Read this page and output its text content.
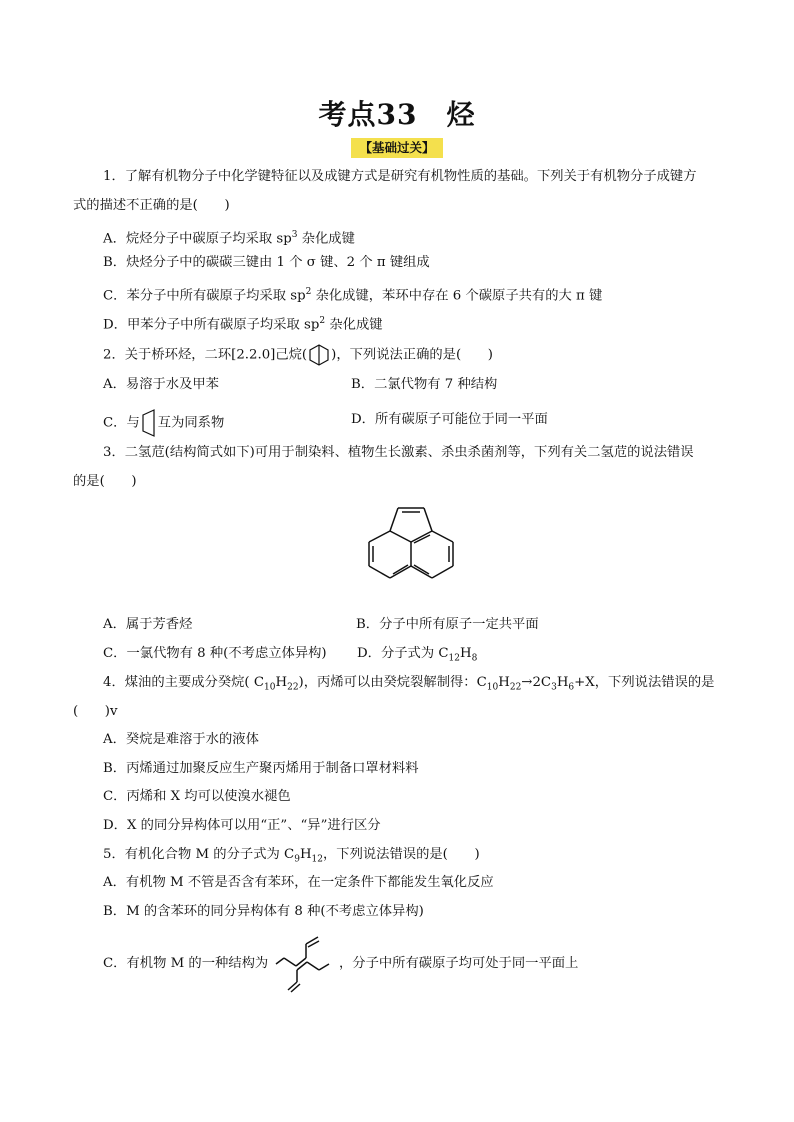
考点33　烃
【基础过关】
1．了解有机物分子中化学键特征以及成键方式是研究有机物性质的基础。下列关于有机物分子成键方
式的描述不正确的是(　　)
A．烷烃分子中碳原子均采取 $sp^3$ 杂化成键
B．炔烃分子中的碳碳三键由 1 个 σ 键、2 个 π 键组成
C．苯分子中所有碳原子均采取 $sp^2$ 杂化成键，苯环中存在 6 个碳原子共有的大 π 键
D．甲苯分子中所有碳原子均采取 $sp^2$ 杂化成键
2．关于桥环烃，二环[2.2.0]己烷( )，下列说法正确的是(　　)
A．易溶于水及甲苯	B．二氯代物有 7 种结构
C．与 互为同系物	D．所有碳原子可能位于同一平面
3．二氢苊(结构简式如下)可用于制染料、植物生长激素、杀虫杀菌剂等，下列有关二氢苊的说法错误
的是(　　)
A．属于芳香烃	B．分子中所有原子一定共平面
C．一氯代物有 8 种(不考虑立体异构) D．分子式为 $C_{12}H_8$
4．煤油的主要成分癸烷( $C_{10}H_{22}$)，丙烯可以由癸烷裂解制得：$C_{10}H_{22}\to 2C_3H_6+X$，下列说法错误的是
(　　)v
A．癸烷是难溶于水的液体
B．丙烯通过加聚反应生产聚丙烯用于制备口罩材料料
C．丙烯和 X 均可以使溴水褪色
D．X 的同分异构体可以用“正”、“异”进行区分
5．有机化合物 M 的分子式为 $C_9H_{12}$，下列说法错误的是(　　)
A．有机物 M 不管是否含有苯环，在一定条件下都能发生氧化反应
B．M 的含苯环的同分异构体有 8 种(不考虑立体异构)
C．有机物 M 的一种结构为	，分子中所有碳原子均可处于同一平面上
